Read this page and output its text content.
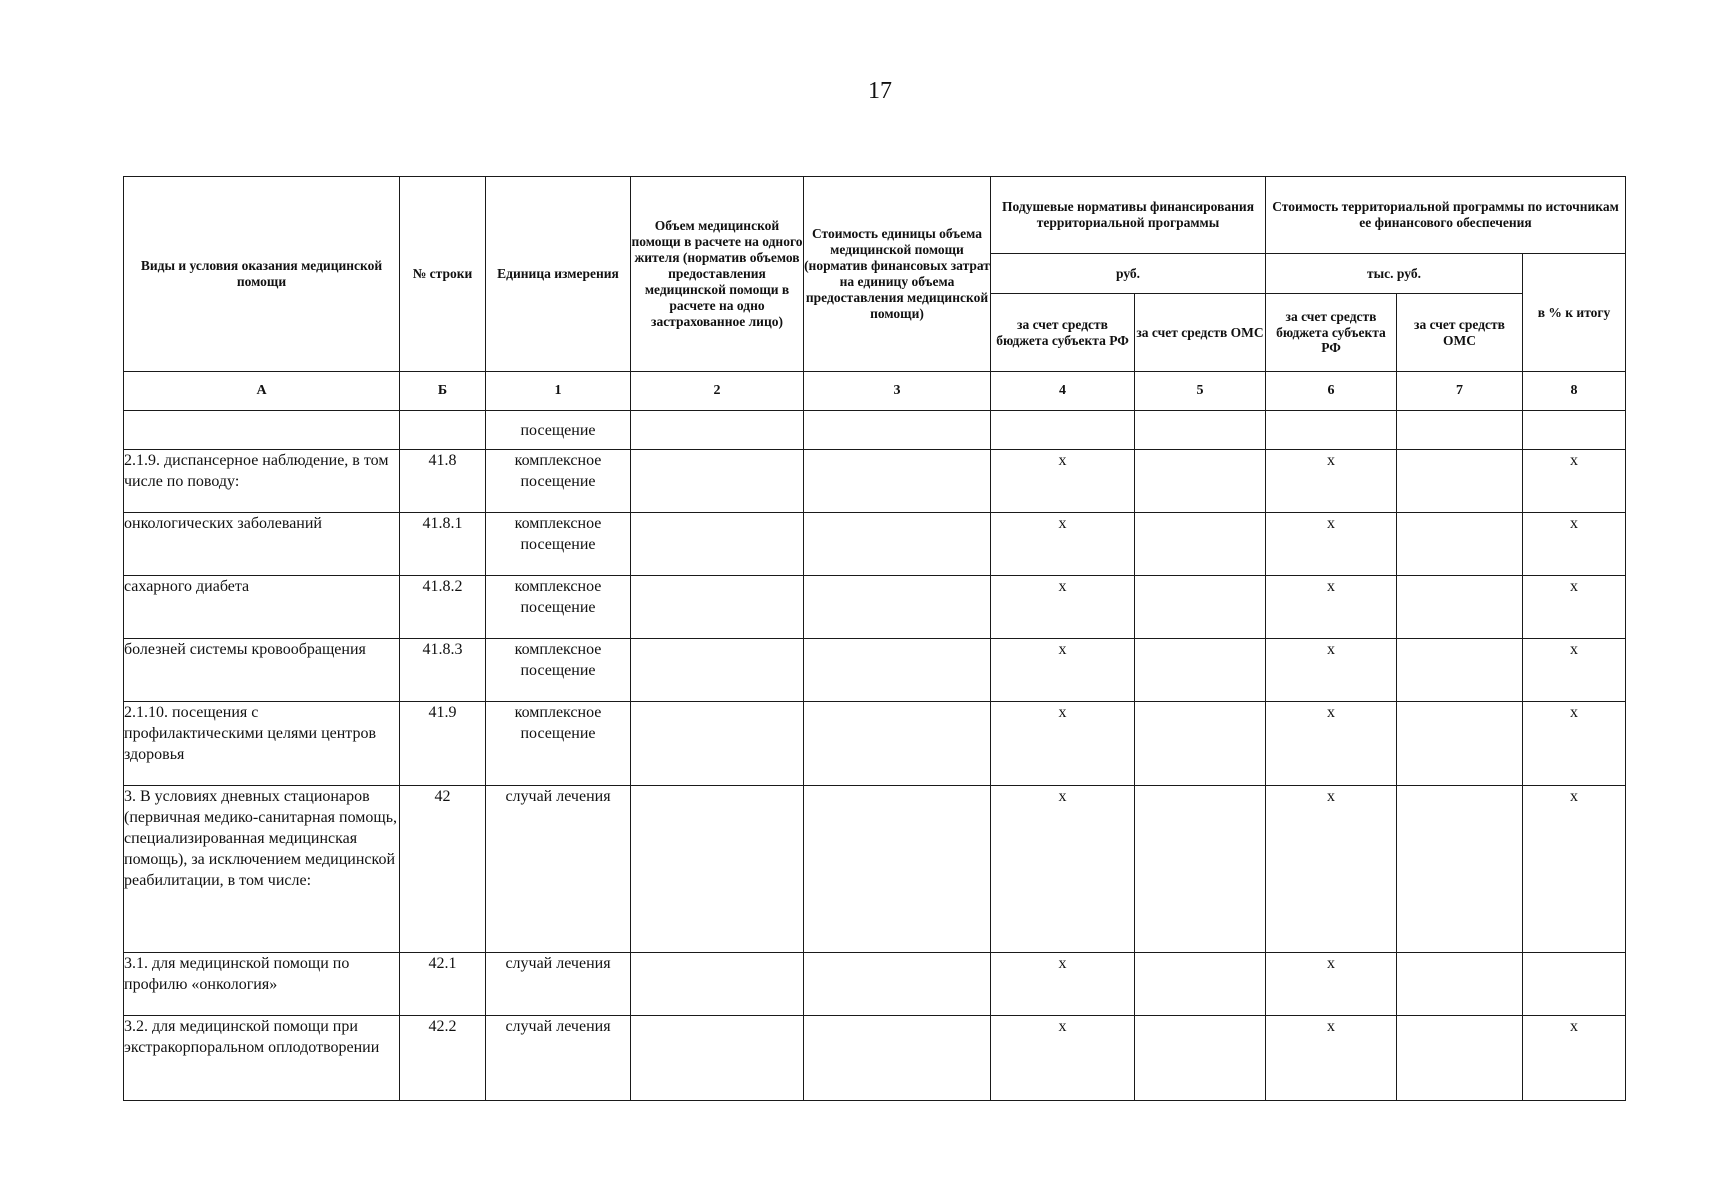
17
Виды и условия оказания медицинской помощи	№ строки	Единица измерения	Объем медицинской помощи в расчете на одного жителя (норматив объемов предоставления медицинской помощи в расчете на одно застрахованное лицо)	Стоимость единицы объема медицинской помощи (норматив финансовых затрат на единицу объема предоставления медицинской помощи)	Подушевые нормативы финансирования территориальной программы		Стоимость территориальной программы по источникам ее финансового обеспечения		
					руб.		тыс. руб.		в % к итогу
					за счет средств бюджета субъекта РФ	за счет средств ОМС	за счет средств бюджета субъекта РФ	за счет средств ОМС	
А	Б	1	2	3	4	5	6	7	8
		посещение							
2.1.9. диспансерное наблюдение, в том числе по поводу:	41.8	комплексное посещение			х		х		х
онкологических заболеваний	41.8.1	комплексное посещение			х		х		х
сахарного диабета	41.8.2	комплексное посещение			х		х		х
болезней системы кровообращения	41.8.3	комплексное посещение			х		х		х
2.1.10. посещения с профилактическими целями центров здоровья	41.9	комплексное посещение			х		х		х
3. В условиях дневных стационаров (первичная медико-санитарная помощь, специализированная медицинская помощь), за исключением медицинской реабилитации, в том числе:	42	случай лечения			х		х		х
3.1. для медицинской помощи по профилю «онкология»	42.1	случай лечения			х		х		
3.2. для медицинской помощи при экстракорпоральном оплодотворении	42.2	случай лечения			х		х		х
